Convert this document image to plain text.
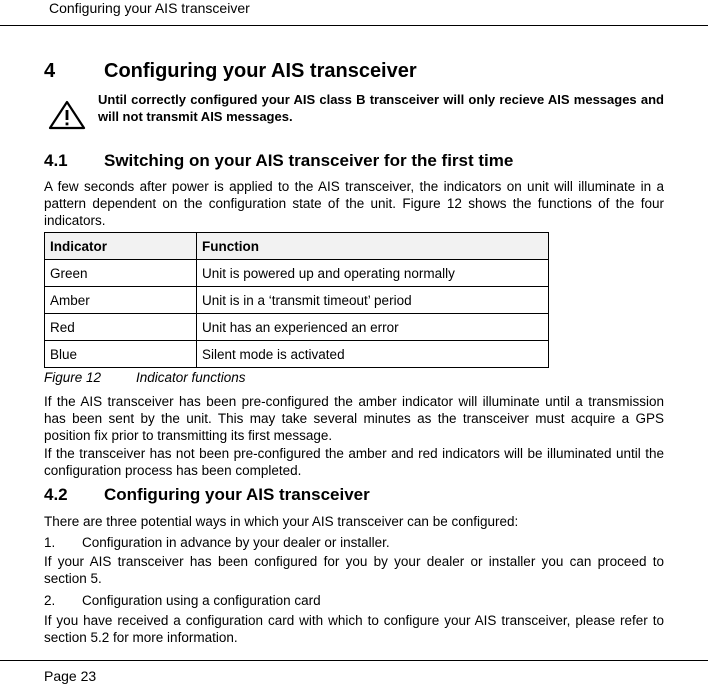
Configuring your AIS transceiver
4 Configuring your AIS transceiver
Until correctly configured your AIS class B transceiver will only recieve AIS messages and will not transmit AIS messages.
4.1 Switching on your AIS transceiver for the first time

A few seconds after power is applied to the AIS transceiver, the indicators on unit will illuminate in a pattern dependent on the configuration state of the unit. Figure 12 shows the functions of the four indicators.

Indicator	Function
Green	Unit is powered up and operating normally
Amber	Unit is in a ‘transmit timeout’ period
Red	Unit has an experienced an error
Blue	Silent mode is activated
Figure 12	Indicator functions

If the AIS transceiver has been pre-configured the amber indicator will illuminate until a transmission has been sent by the unit. This may take several minutes as the transceiver must acquire a GPS position fix prior to transmitting its first message.

If the transceiver has not been pre-configured the amber and red indicators will be illuminated until the configuration process has been completed.

4.2 Configuring your AIS transceiver

There are three potential ways in which your AIS transceiver can be configured:

1. Configuration in advance by your dealer or installer.

If your AIS transceiver has been configured for you by your dealer or installer you can proceed to section 5.

2. Configuration using a configuration card

If you have received a configuration card with which to configure your AIS transceiver, please refer to section 5.2 for more information.

Page 23
